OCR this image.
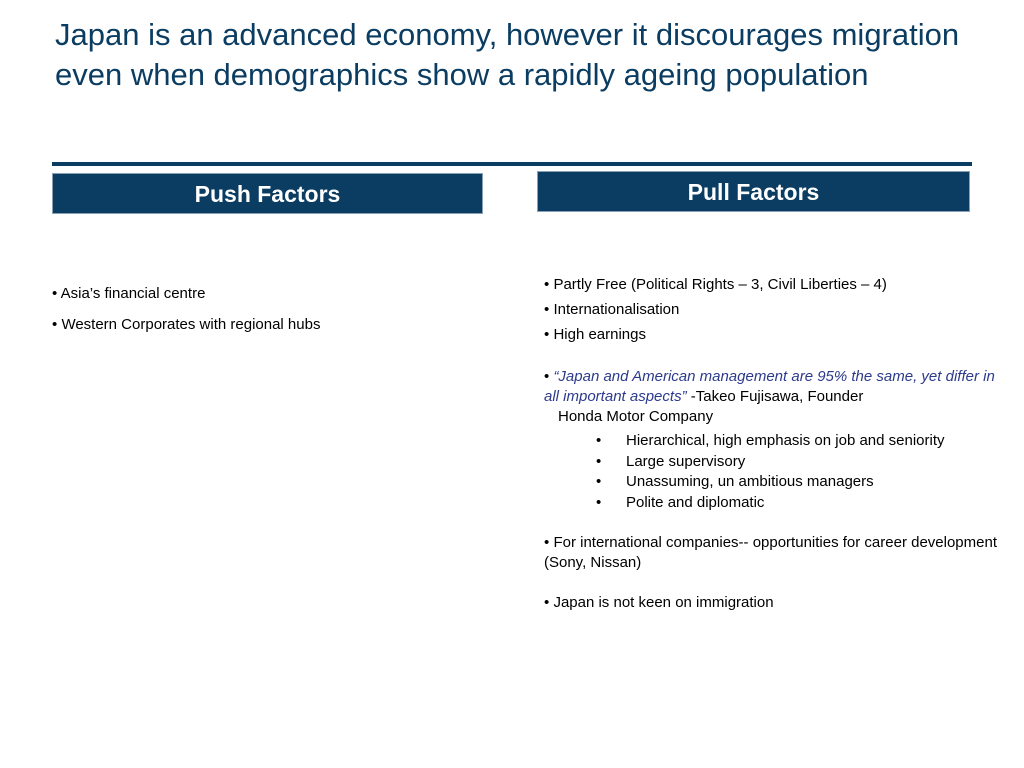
Japan is an advanced economy, however it discourages migration even when demographics show a rapidly ageing population
Push Factors	Pull Factors
• Asia’s financial centre
• Western Corporates with regional hubs
• Partly Free (Political Rights – 3, Civil Liberties – 4)
• Internationalisation
• High earnings
• “Japan and American management are 95% the same, yet differ in all important aspects” -Takeo Fujisawa, Founder
Honda Motor Company
• Hierarchical, high emphasis on job and seniority
• Large supervisory
• Unassuming, un ambitious managers
• Polite and diplomatic
• For international companies-- opportunities for career development (Sony, Nissan)
• Japan is not keen on immigration
